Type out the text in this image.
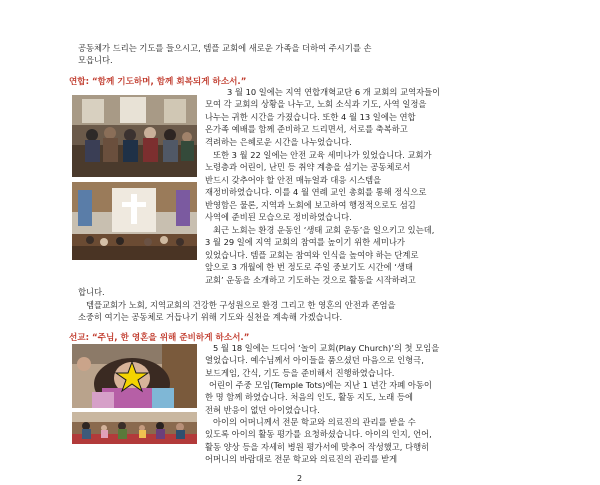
공동체가 드리는 기도를 들으시고, 템플 교회에 새로운 가족을 더하여 주시기를 손
모읍니다.
연합: “함께 기도하며, 함께 회복되게 하소서.”
3 월 10 일에는 지역 연합개혁교단 6 개 교회의 교역자들이
모여 각 교회의 상황을 나누고, 노회 소식과 기도, 사역 일정을
나누는 귀한 시간을 가졌습니다. 또한 4 월 13 일에는 연합
온가족 예배를 함께 준비하고 드리면서, 서로를 축복하고
격려하는 은혜로운 시간을 나누었습니다.
또한 3 월 22 일에는 안전 교육 세미나가 있었습니다. 교회가
노령층과 어린이, 난민 등 취약 계층을 섬기는 공동체로서
반드시 갖추어야 할 안전 매뉴얼과 대응 시스템을
재정비하였습니다. 이를 4 월 연례 교인 총회를 통해 정식으로
반영함은 물론, 지역과 노회에 보고하여 행정적으로도 섬김
사역에 준비된 모습으로 정비하였습니다.
최근 노회는 환경 운동인 ‘생태 교회 운동’을 일으키고 있는데,
3 월 29 일에 지역 교회의 참여를 높이기 위한 세미나가
있었습니다. 템플 교회는 참여와 인식을 높여야 하는 단계로
앞으로 3 개월에 한 번 정도로 주일 중보기도 시간에 ‘생태
교회’ 운동을 소개하고 기도하는 것으로 활동을 시작하려고
합니다.
템플교회가 노회, 지역교회의 건강한 구성원으로 환경 그리고 한 영혼의 안전과 존엄을
소중히 여기는 공동체로 거듭나기 위해 기도와 실천을 계속해 가겠습니다.
선교: “주님, 한 영혼을 위해 준비하게 하소서.”
5 월 18 일에는 드디어 ‘놀이 교회(Play Church)’의 첫 모임을
열었습니다. 예수님께서 아이들을 품으셨던 마음으로 인형극,
보드게임, 간식, 기도 등을 준비해서 진행하였습니다.
어린이 주중 모임(Temple Tots)에는 지난 1 년간 자폐 아동이
한 명 함께 하였습니다. 처음의 인도, 활동 지도, 노래 등에
전혀 반응이 없던 아이였습니다.
아이의 어머니께서 전문 학교와 의료진의 관리를 받을 수
있도록 아이의 활동 평가를 요청하셨습니다. 아이의 인지, 언어,
활동 양상 등을 자세히 병원 평가서에 맞추어 작성했고, 다행히
어머니의 바람대로 전문 학교와 의료진의 관리를 받게
2
